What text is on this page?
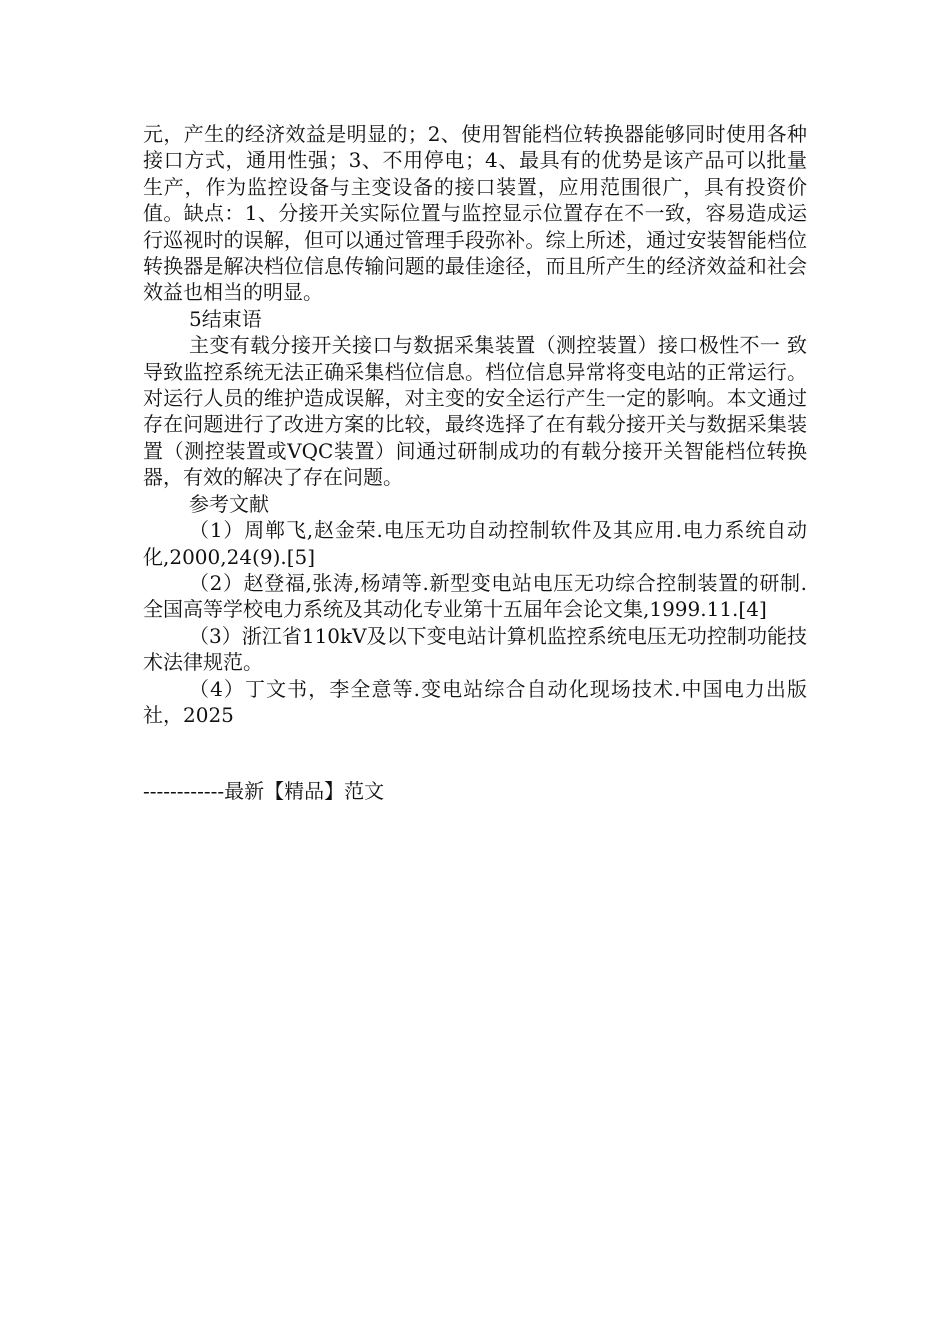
元，产生的经济效益是明显的；2、使用智能档位转换器能够同时使用各种接口方式，通用性强；3、不用停电；4、最具有的优势是该产品可以批量生产，作为监控设备与主变设备的接口装置，应用范围很广，具有投资价值。缺点：1、分接开关实际位置与监控显示位置存在不一致，容易造成运行巡视时的误解，但可以通过管理手段弥补。综上所述，通过安装智能档位转换器是解决档位信息传输问题的最佳途径，而且所产生的经济效益和社会效益也相当的明显。

5结束语

主变有载分接开关接口与数据采集装置（测控装置）接口极性不一 致导致监控系统无法正确采集档位信息。档位信息异常将变电站的正常运行。对运行人员的维护造成误解，对主变的安全运行产生一定的影响。本文通过存在问题进行了改进方案的比较，最终选择了在有载分接开关与数据采集装置（测控装置或VQC装置）间通过研制成功的有载分接开关智能档位转换器，有效的解决了存在问题。

参考文献

（1）周郸飞,赵金荣.电压无功自动控制软件及其应用.电力系统自动化,2000,24(9).[5]

（2）赵登福,张涛,杨靖等.新型变电站电压无功综合控制装置的研制.全国高等学校电力系统及其动化专业第十五届年会论文集,1999.11.[4]

（3）浙江省110kV及以下变电站计算机监控系统电压无功控制功能技术法律规范。

（4）丁文书，李全意等.变电站综合自动化现场技术.中国电力出版社，2025

------------最新【精品】范文
